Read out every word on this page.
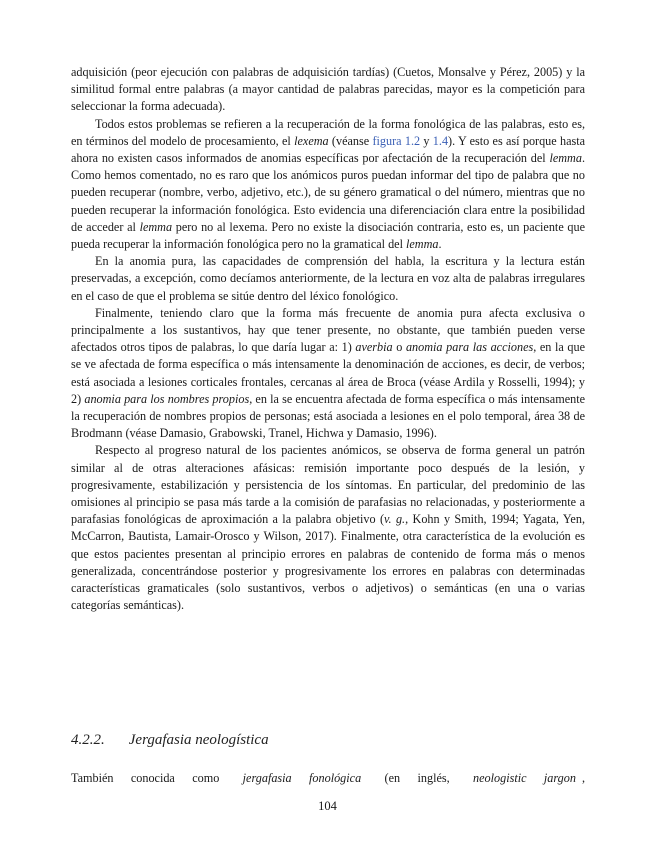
adquisición (peor ejecución con palabras de adquisición tardías) (Cuetos, Monsalve y Pérez, 2005) y la similitud formal entre palabras (a mayor cantidad de palabras parecidas, mayor es la competición para seleccionar la forma adecuada).

Todos estos problemas se refieren a la recuperación de la forma fonológica de las palabras, esto es, en términos del modelo de procesamiento, el lexema (véanse figura 1.2 y 1.4). Y esto es así porque hasta ahora no existen casos informados de anomias específicas por afectación de la recuperación del lemma. Como hemos comentado, no es raro que los anómicos puros puedan informar del tipo de palabra que no pueden recuperar (nombre, verbo, adjetivo, etc.), de su género gramatical o del número, mientras que no pueden recuperar la información fonológica. Esto evidencia una diferenciación clara entre la posibilidad de acceder al lemma pero no al lexema. Pero no existe la disociación contraria, esto es, un paciente que pueda recuperar la información fonológica pero no la gramatical del lemma.

En la anomia pura, las capacidades de comprensión del habla, la escritura y la lectura están preservadas, a excepción, como decíamos anteriormente, de la lectura en voz alta de palabras irregulares en el caso de que el problema se sitúe dentro del léxico fonológico.

Finalmente, teniendo claro que la forma más frecuente de anomia pura afecta exclusiva o principalmente a los sustantivos, hay que tener presente, no obstante, que también pueden verse afectados otros tipos de palabras, lo que daría lugar a: 1) averbia o anomia para las acciones, en la que se ve afectada de forma específica o más intensamente la denominación de acciones, es decir, de verbos; está asociada a lesiones corticales frontales, cercanas al área de Broca (véase Ardila y Rosselli, 1994); y 2) anomia para los nombres propios, en la se encuentra afectada de forma específica o más intensamente la recuperación de nombres propios de personas; está asociada a lesiones en el polo temporal, área 38 de Brodmann (véase Damasio, Grabowski, Tranel, Hichwa y Damasio, 1996).

Respecto al progreso natural de los pacientes anómicos, se observa de forma general un patrón similar al de otras alteraciones afásicas: remisión importante poco después de la lesión, y progresivamente, estabilización y persistencia de los síntomas. En particular, del predominio de las omisiones al principio se pasa más tarde a la comisión de parafasias no relacionadas, y posteriormente a parafasias fonológicas de aproximación a la palabra objetivo (v. g., Kohn y Smith, 1994; Yagata, Yen, McCarron, Bautista, Lamair-Orosco y Wilson, 2017). Finalmente, otra característica de la evolución es que estos pacientes presentan al principio errores en palabras de contenido de forma más o menos generalizada, concentrándose posterior y progresivamente los errores en palabras con determinadas características gramaticales (solo sustantivos, verbos o adjetivos) o semánticas (en una o varias categorías semánticas).

4.2.2. Jergafasia neologística
También conocida como jergafasia fonológica (en inglés, neologistic jargon ,
104
